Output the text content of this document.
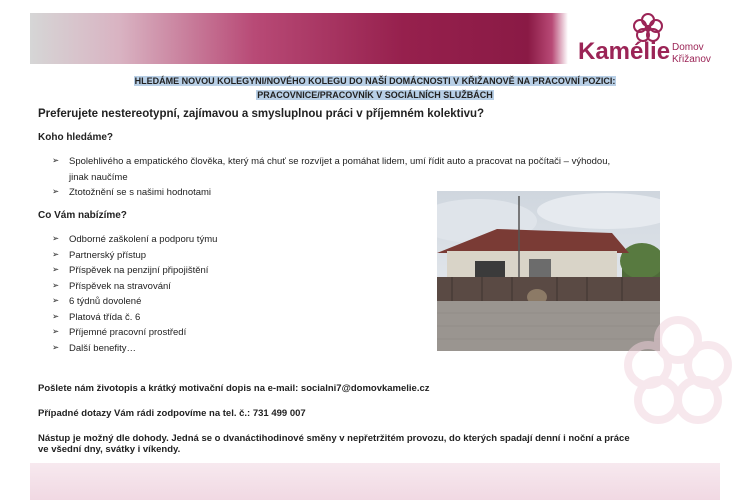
Kamélie Domov
Křižanov
HLEDÁME NOVOU KOLEGYNI/NOVÉHO KOLEGU DO NAŠÍ DOMÁCNOSTI V KŘIŽANOVĚ NA PRACOVNÍ POZICI:
PRACOVNICE/PRACOVNÍK V SOCIÁLNÍCH SLUŽBÁCH
Preferujete nestereotypní, zajímavou a smysluplnou práci v příjemném kolektivu?
Koho hledáme?
➢ Spolehlivého a empatického člověka, který má chuť se rozvíjet a pomáhat lidem, umí řídit auto a pracovat na počítači – výhodou,
jinak naučíme
➢ Ztotožnění se s našimi hodnotami
Co Vám nabízíme?
➢ Odborné zaškolení a podporu týmu
➢ Partnerský přístup
➢ Příspěvek na penzijní připojištění
➢ Příspěvek na stravování
➢ 6 týdnů dovolené
➢ Platová třída č. 6
➢ Příjemné pracovní prostředí
➢ Další benefity…
Pošlete nám životopis a krátký motivační dopis na e-mail: socialni7@domovkamelie.cz
Případné dotazy Vám rádi zodpovíme na tel. č.: 731 499 007
Nástup je možný dle dohody. Jedná se o dvanáctihodinové směny v nepřetržitém provozu, do kterých spadají denní i noční a práce
ve všední dny, svátky i víkendy.
